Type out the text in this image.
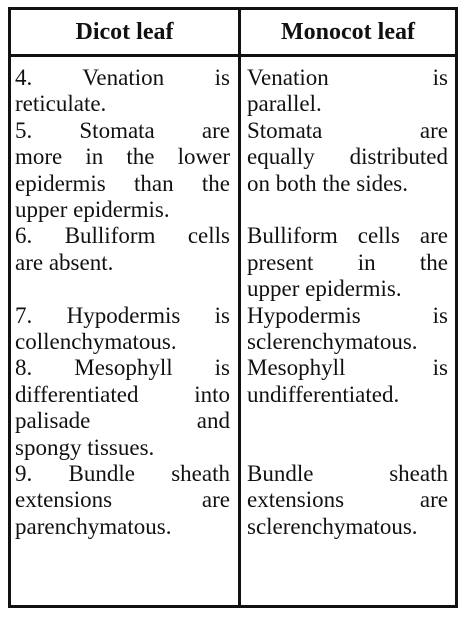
Dicot leaf	Monocot leaf
4. Venation is
reticulate.
5. Stomata are
more in the lower
epidermis than the
upper epidermis.
6. Bulliform cells
are absent.
7. Hypodermis is
collenchymatous.
8. Mesophyll is
differentiated into
palisade and
spongy tissues.
9. Bundle sheath
extensions are
parenchymatous.
Venation is
parallel.
Stomata are
equally distributed
on both the sides.
Bulliform cells are
present in the
upper epidermis.
Hypodermis is
sclerenchymatous.
Mesophyll is
undifferentiated.
Bundle sheath
extensions are
sclerenchymatous.
